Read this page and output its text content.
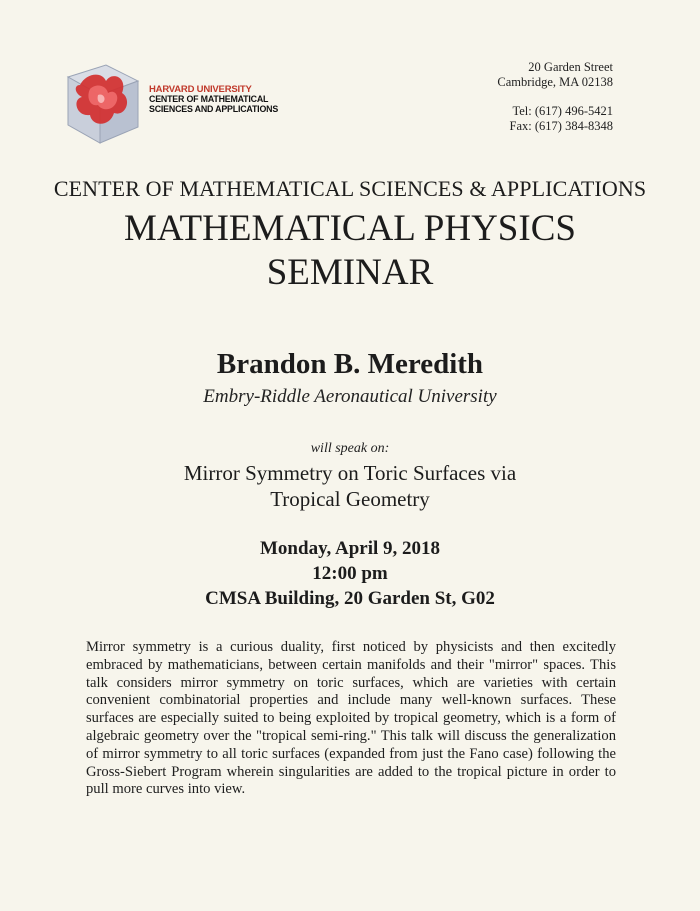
HARVARD UNIVERSITY
CENTER OF MATHEMATICAL
SCIENCES AND APPLICATIONS
20 Garden Street
Cambridge, MA 02138
Tel: (617) 496-5421
Fax: (617) 384-8348
CENTER OF MATHEMATICAL SCIENCES & APPLICATIONS
MATHEMATICAL PHYSICS
SEMINAR
Brandon B. Meredith
Embry-Riddle Aeronautical University
will speak on:
Mirror Symmetry on Toric Surfaces via
Tropical Geometry
Monday, April 9, 2018
12:00 pm
CMSA Building, 20 Garden St, G02
Mirror symmetry is a curious duality, first noticed by physicists and then excitedly embraced by mathematicians, between certain manifolds and their "mirror" spaces. This talk considers mirror symmetry on toric surfaces, which are varieties with certain convenient combinatorial properties and include many well-known surfaces. These surfaces are especially suited to being exploited by tropical geometry, which is a form of algebraic geometry over the "tropical semi-ring." This talk will discuss the generalization of mirror symmetry to all toric surfaces (expanded from just the Fano case) following the Gross-Siebert Program wherein singularities are added to the tropical picture in order to pull more curves into view.
